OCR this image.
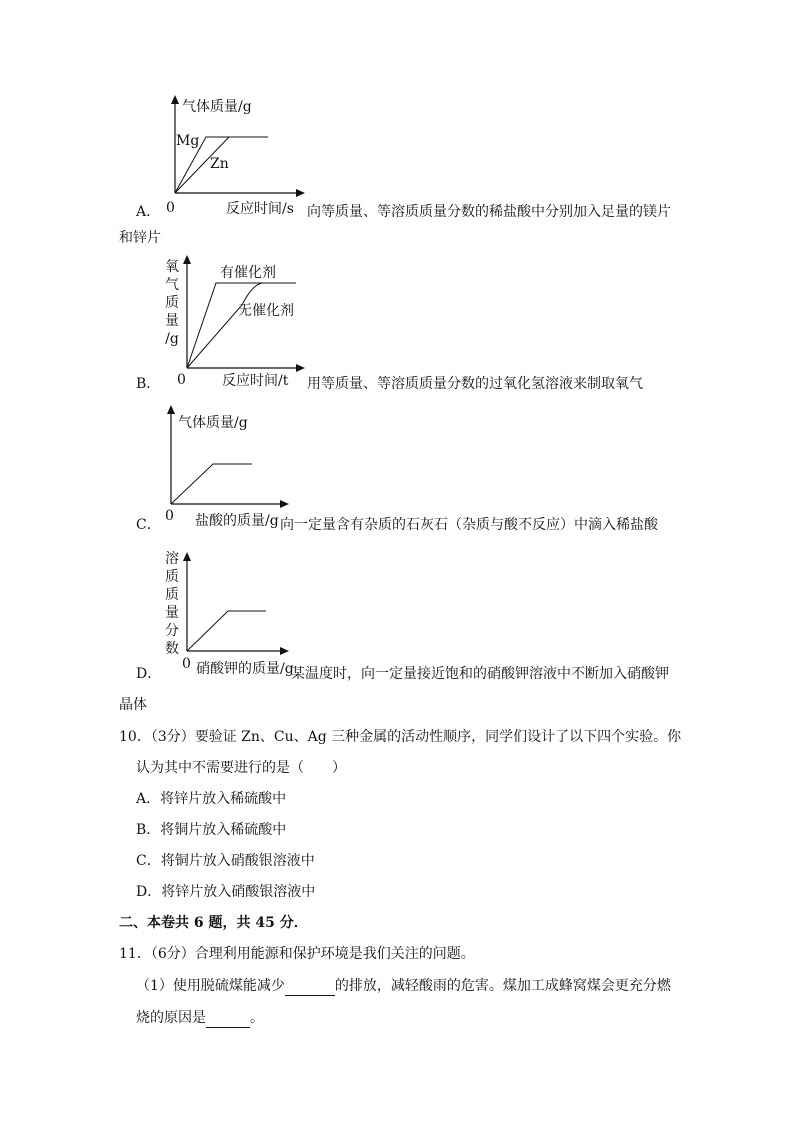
气体质量/g
Mg
Zn
0	反应时间/s
A．	向等质量、等溶质质量分数的稀盐酸中分别加入足量的镁片
和锌片
氧
气
质
量
/g
有催化剂
无催化剂
0	反应时间/t
B．	用等质量、等溶质质量分数的过氧化氢溶液来制取氧气
气体质量/g
0 盐酸的质量/g
C．	向一定量含有杂质的石灰石（杂质与酸不反应）中滴入稀盐酸
溶
质
质
量
分
数
0 硝酸钾的质量/g
D．	某温度时，向一定量接近饱和的硝酸钾溶液中不断加入硝酸钾
晶体
10．（3分）要验证 Zn、Cu、Ag 三种金属的活动性顺序，同学们设计了以下四个实验。你
认为其中不需要进行的是（　　）
A．将锌片放入稀硫酸中
B．将铜片放入稀硫酸中
C．将铜片放入硝酸银溶液中
D．将锌片放入硝酸银溶液中
二、本卷共 6 题，共 45 分．
11．（6分）合理利用能源和保护环境是我们关注的问题。
（1）使用脱硫煤能减少	的排放，减轻酸雨的危害。煤加工成蜂窝煤会更充分燃
烧的原因是	。
